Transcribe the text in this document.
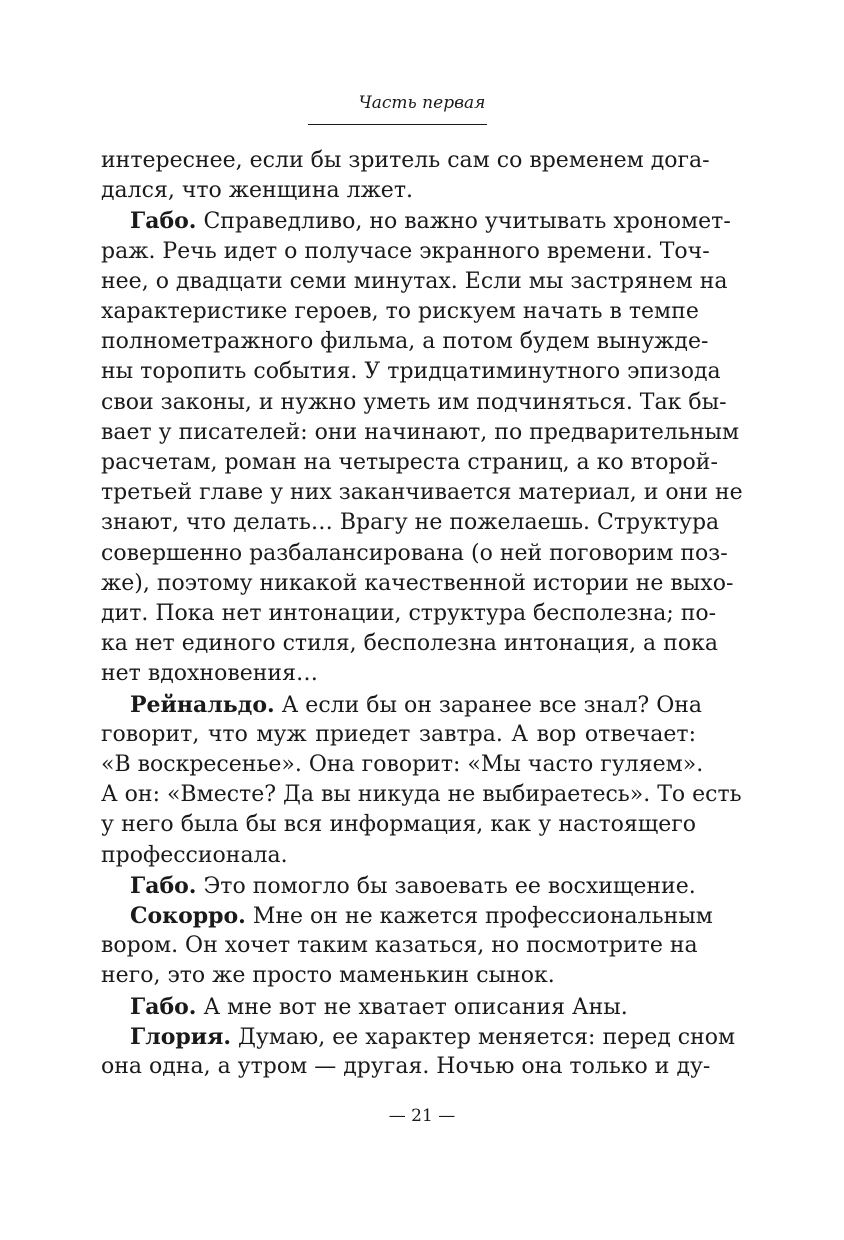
Часть первая
интереснее, если бы зритель сам со временем дога-
дался, что женщина лжет.
Габо. Справедливо, но важно учитывать хрономет-
раж. Речь идет о получасе экранного времени. Точ-
нее, о двадцати семи минутах. Если мы застрянем на
характеристике героев, то рискуем начать в темпе
полнометражного фильма, а потом будем вынужде-
ны торопить события. У тридцатиминутного эпизода
свои законы, и нужно уметь им подчиняться. Так бы-
вает у писателей: они начинают, по предварительным
расчетам, роман на четыреста страниц, а ко второй-
третьей главе у них заканчивается материал, и они не
знают, что делать… Врагу не пожелаешь. Структура
совершенно разбалансирована (о ней поговорим поз-
же), поэтому никакой качественной истории не выхо-
дит. Пока нет интонации, структура бесполезна; по-
ка нет единого стиля, бесполезна интонация, а пока
нет вдохновения…
Рейнальдо. А если бы он заранее все знал? Она
говорит, что муж приедет завтра. А вор отвечает:
«В воскресенье». Она говорит: «Мы часто гуляем».
А он: «Вместе? Да вы никуда не выбираетесь». То есть
у него была бы вся информация, как у настоящего
профессионала.
Габо. Это помогло бы завоевать ее восхищение.
Сокорро. Мне он не кажется профессиональным
вором. Он хочет таким казаться, но посмотрите на
него, это же просто маменькин сынок.
Габо. А мне вот не хватает описания Аны.
Глория. Думаю, ее характер меняется: перед сном
она одна, а утром — другая. Ночью она только и ду-
— 21 —
